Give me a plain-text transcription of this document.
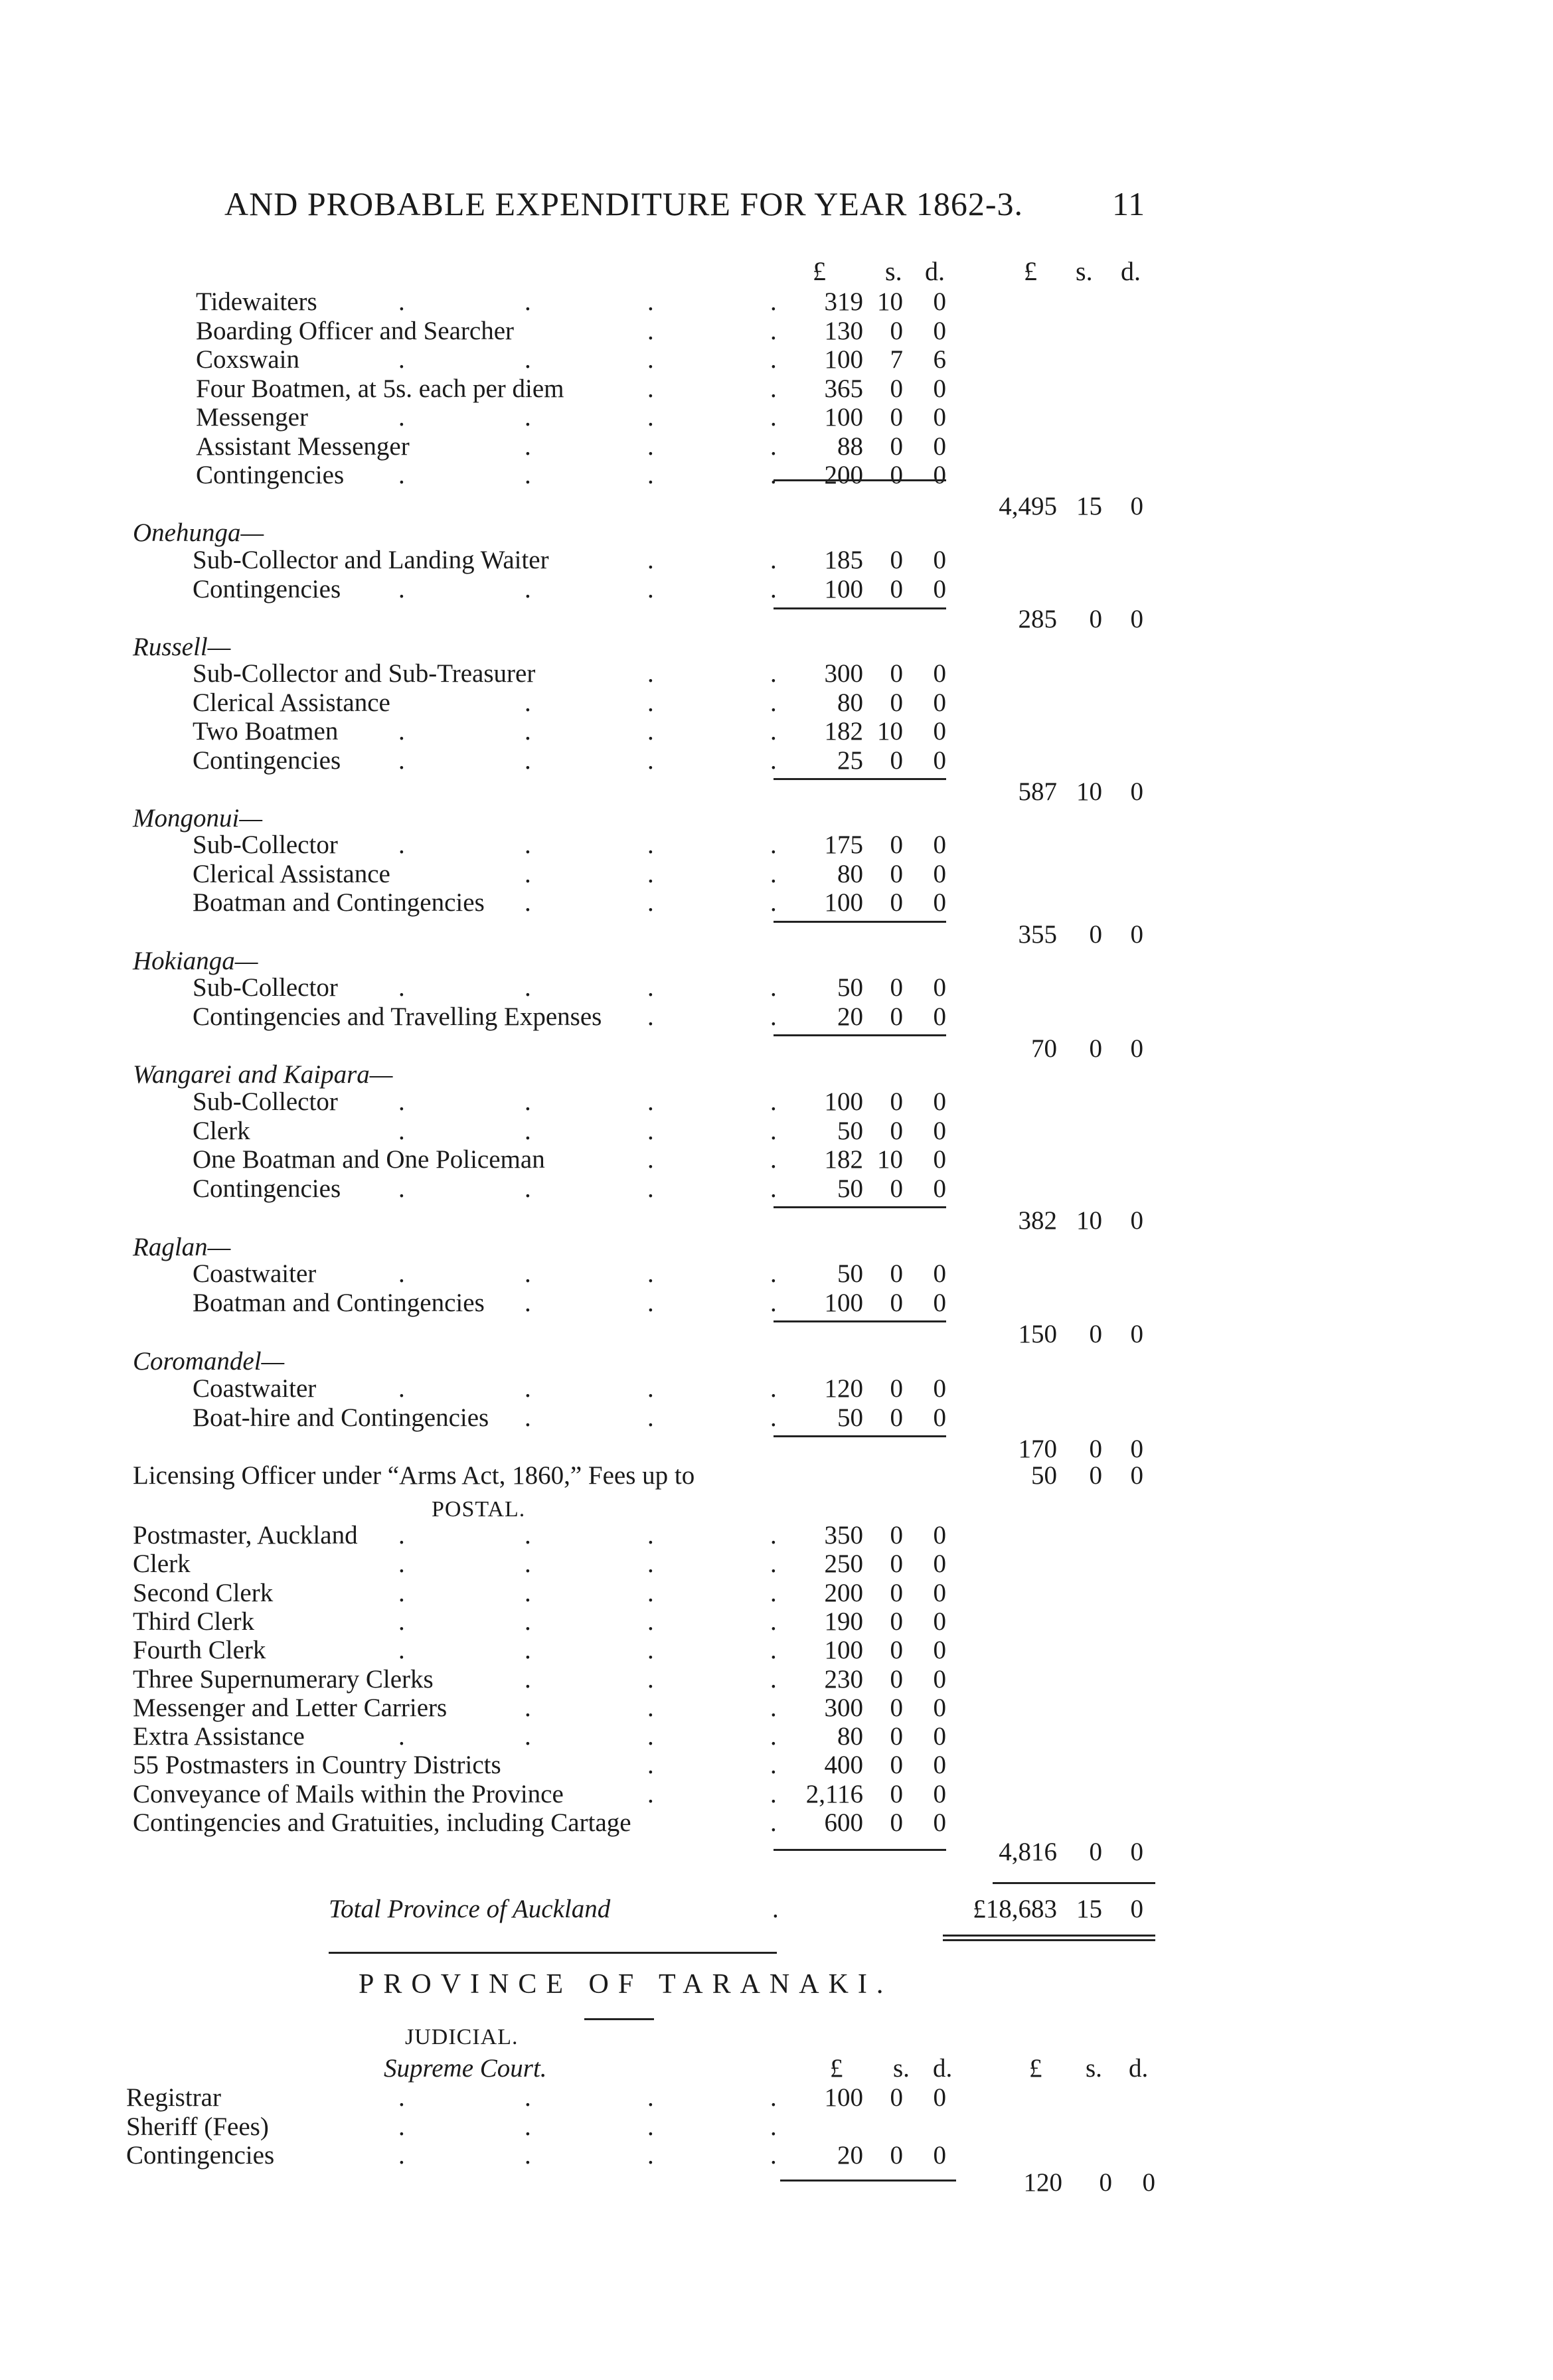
AND PROBABLE EXPENDITURE FOR YEAR 1862-3.	11
£ s. d.	£ s. d.
Tidewaiters	.	.	.	.	319 10	0
Boarding Officer and Searcher	.	.	130	0	0
Coxswain	.	.	.	.	100	7	6
Four Boatmen, at 5s. each per diem	.	.	365	0	0
Messenger	.	.	.	.	100	0	0
Assistant Messenger	.	.	.	88	0	0
Contingencies .	.	.	.	200	0	0
4,495 15	0
Onehunga—
Sub-Collector and Landing Waiter	.	.	185	0	0
Contingencies .	.	.	.	100	0	0
285	0	0
Russell—
Sub-Collector and Sub-Treasurer	.	.	300	0	0
Clerical Assistance	.	.	.	80	0	0
Two Boatmen .	.	.	.	182 10	0
Contingencies .	.	.	.	25	0	0
587 10	0
Mongonui—
Sub-Collector .	.	.	.	175	0	0
Clerical Assistance	.	.	.	80	0	0
Boatman and Contingencies .	.	.	100	0	0
355	0	0
Hokianga—
Sub-Collector .	.	.	.	50	0	0
Contingencies and Travelling Expenses .	.	20	0	0
70	0	0
Wangarei and Kaipara—
Sub-Collector .	.	.	.	100	0	0
Clerk	.	.	.	.	50	0	0
One Boatman and One Policeman	.	.	182 10	0
Contingencies .	.	.	.	50	0	0
382 10	0
Raglan—
Coastwaiter	.	.	.	.	50	0	0
Boatman and Contingencies .	.	.	100	0	0
150	0	0
Coromandel—
Coastwaiter	.	.	.	.	120	0	0
Boat-hire and Contingencies .	.	.	50	0	0
170	0	0
Licensing Officer under “Arms Act, 1860,” Fees up to	50	0	0
POSTAL.
Postmaster, Auckland .	.	.	.	350	0	0
Clerk	.	.	.	.	250	0	0
Second Clerk	.	.	.	.	200	0	0
Third Clerk	.	.	.	.	190	0	0
Fourth Clerk	.	.	.	.	100	0	0
Three Supernumerary Clerks	.	.	.	230	0	0
Messenger and Letter Carriers	.	.	.	300	0	0
Extra Assistance	.	.	.	.	80	0	0
55 Postmasters in Country Districts	.	.	400	0	0
Conveyance of Mails within the Province	.	.	2,116	0	0
Contingencies and Gratuities, including Cartage	.	600	0	0
4,816	0	0
Total Province of Auckland	.	£18,683 15	0
PROVINCE OF TARANAKI.
JUDICIAL.
Supreme Court.	£ s. d.	£ s. d.
Registrar	.	.	.	.	100	0	0
Sheriff (Fees)	.	.	.	.
Contingencies	.	.	.	.	20	0	0
120	0	0
